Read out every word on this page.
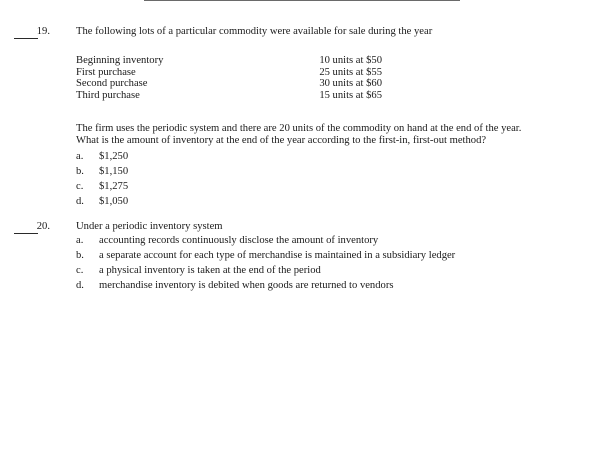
19. The following lots of a particular commodity were available for sale during the year
Beginning inventory	10 units at $50
First purchase	25 units at $55
Second purchase	30 units at $60
Third purchase	15 units at $65
The firm uses the periodic system and there are 20 units of the commodity on hand at the end of the year.
What is the amount of inventory at the end of the year according to the first-in, first-out method?
a.	$1,250
b.	$1,150
c.	$1,275
d.	$1,050
20. Under a periodic inventory system
a.	accounting records continuously disclose the amount of inventory
b.	a separate account for each type of merchandise is maintained in a subsidiary ledger
c.	a physical inventory is taken at the end of the period
d.	merchandise inventory is debited when goods are returned to vendors
